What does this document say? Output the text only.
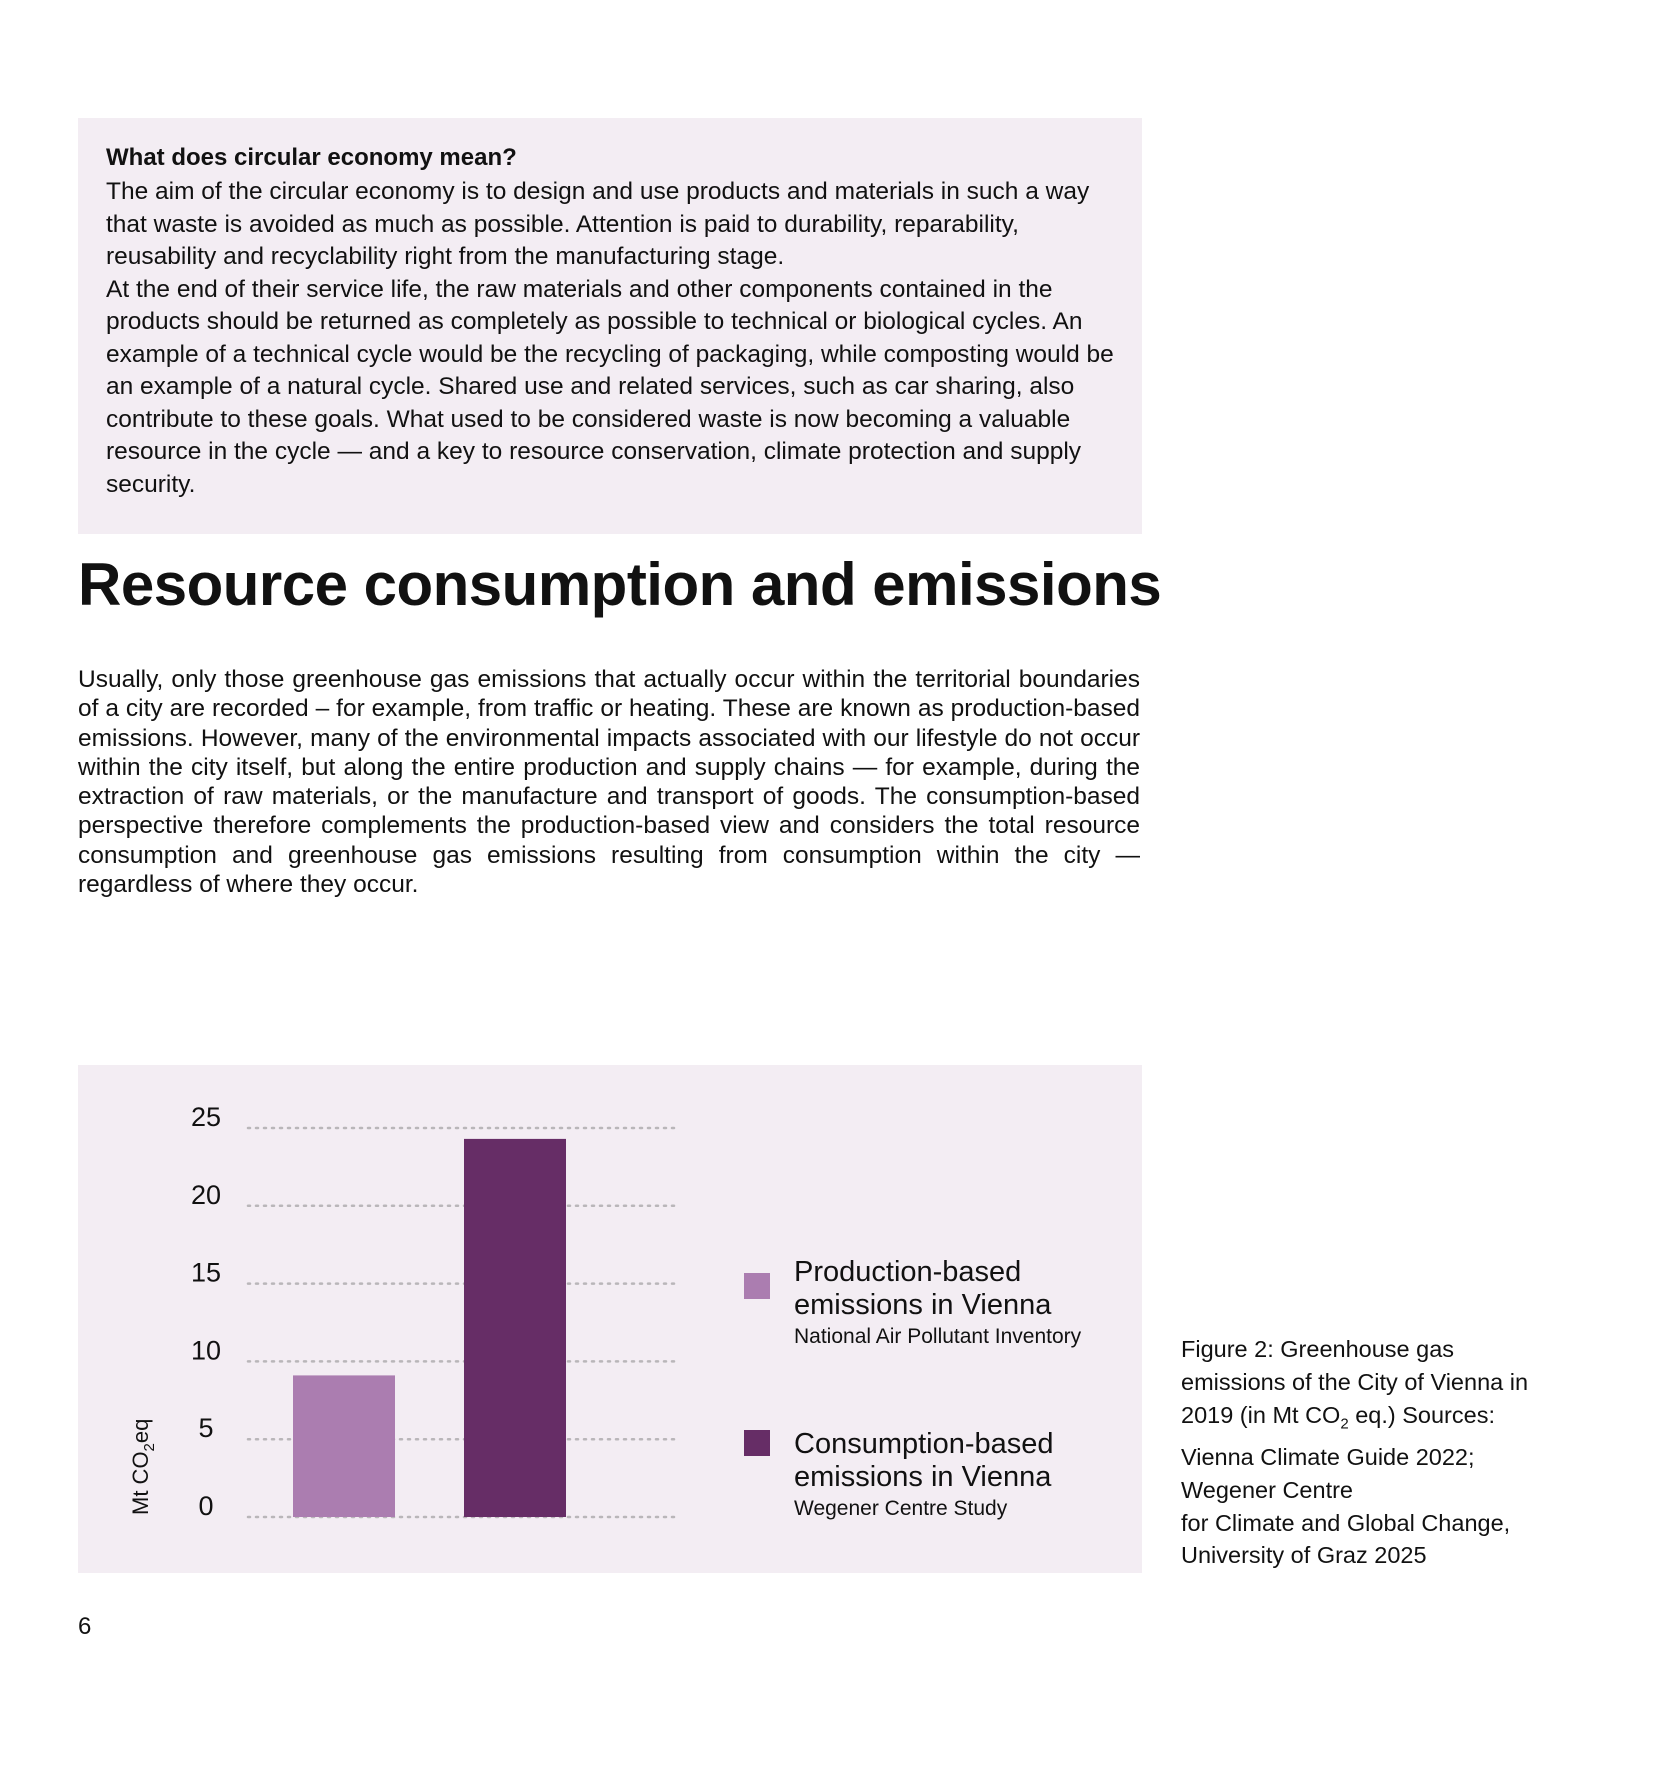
What does circular economy mean?

The aim of the circular economy is to design and use products and materials in such a way that waste is avoided as much as possible. Attention is paid to durability, reparability, reusability and recyclability right from the manufacturing stage.

At the end of their service life, the raw materials and other components contained in the products should be returned as completely as possible to technical or biological cycles. An example of a technical cycle would be the recycling of packaging, while composting would be an example of a natural cycle. Shared use and related services, such as car sharing, also contribute to these goals. What used to be considered waste is now becoming a valuable resource in the cycle — and a key to resource conservation, climate protection and supply security.

Resource consumption and emissions

Usually, only those greenhouse gas emissions that actually occur within the territorial boundaries of a city are recorded – for example, from traffic or heating. These are known as production-based emissions. However, many of the environmental impacts associated with our lifestyle do not occur within the city itself, but along the entire production and supply chains — for example, during the extraction of raw materials, or the manufacture and transport of goods. The consumption-based perspective therefore complements the production-based view and considers the total resource consumption and greenhouse gas emissions resulting from consumption within the city — regardless of where they occur.

0
5
10
15
20
25
Mt $CO_2eq$
Production-based emissions in Vienna
National Air Pollutant Inventory
Consumption-based emissions in Vienna
Wegener Centre Study
Figure 2: Greenhouse gas emissions of the City of Vienna in 2019 (in Mt $CO_2$ eq.) Sources: Vienna Climate Guide 2022; Wegener Centre
for Climate and Global Change,
University of Graz 2025
6
